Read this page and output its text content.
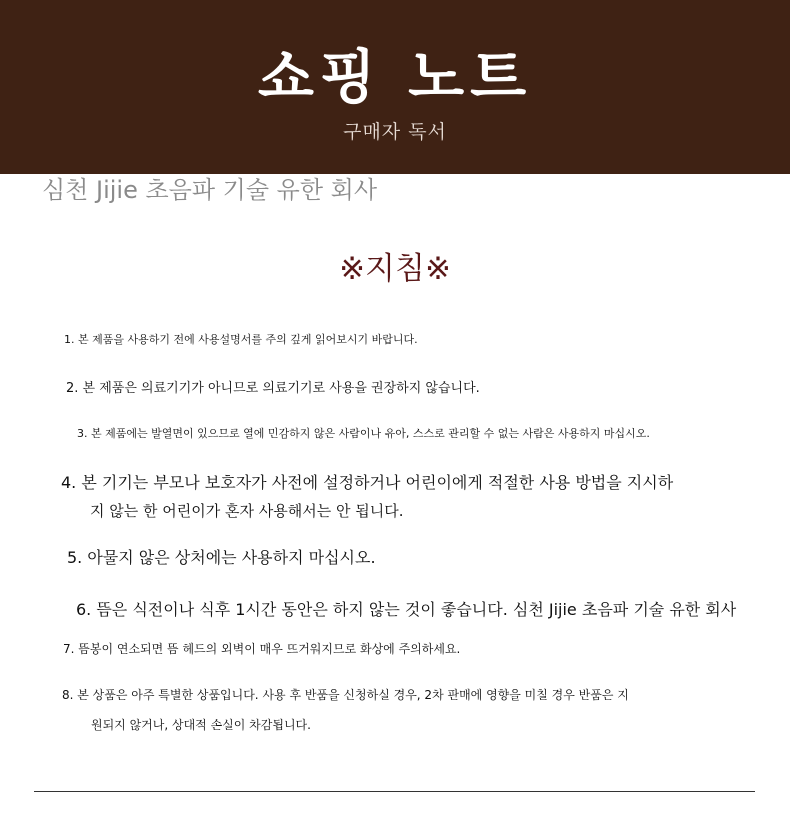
쇼핑 노트
구매자 독서
심천 Jijie 초음파 기술 유한 회사
※지침※
1. 본 제품을 사용하기 전에 사용설명서를 주의 깊게 읽어보시기 바랍니다.
2. 본 제품은 의료기기가 아니므로 의료기기로 사용을 권장하지 않습니다.
3. 본 제품에는 발열면이 있으므로 열에 민감하지 않은 사람이나 유아, 스스로 관리할 수 없는 사람은 사용하지 마십시오.
4. 본 기기는 부모나 보호자가 사전에 설정하거나 어린이에게 적절한 사용 방법을 지시하
지 않는 한 어린이가 혼자 사용해서는 안 됩니다.
5. 아물지 않은 상처에는 사용하지 마십시오.
6. 뜸은 식전이나 식후 1시간 동안은 하지 않는 것이 좋습니다. 심천 Jijie 초음파 기술 유한 회사
7. 뜸봉이 연소되면 뜸 헤드의 외벽이 매우 뜨거워지므로 화상에 주의하세요.
8. 본 상품은 아주 특별한 상품입니다. 사용 후 반품을 신청하실 경우, 2차 판매에 영향을 미칠 경우 반품은 지
원되지 않거나, 상대적 손실이 차감됩니다.
